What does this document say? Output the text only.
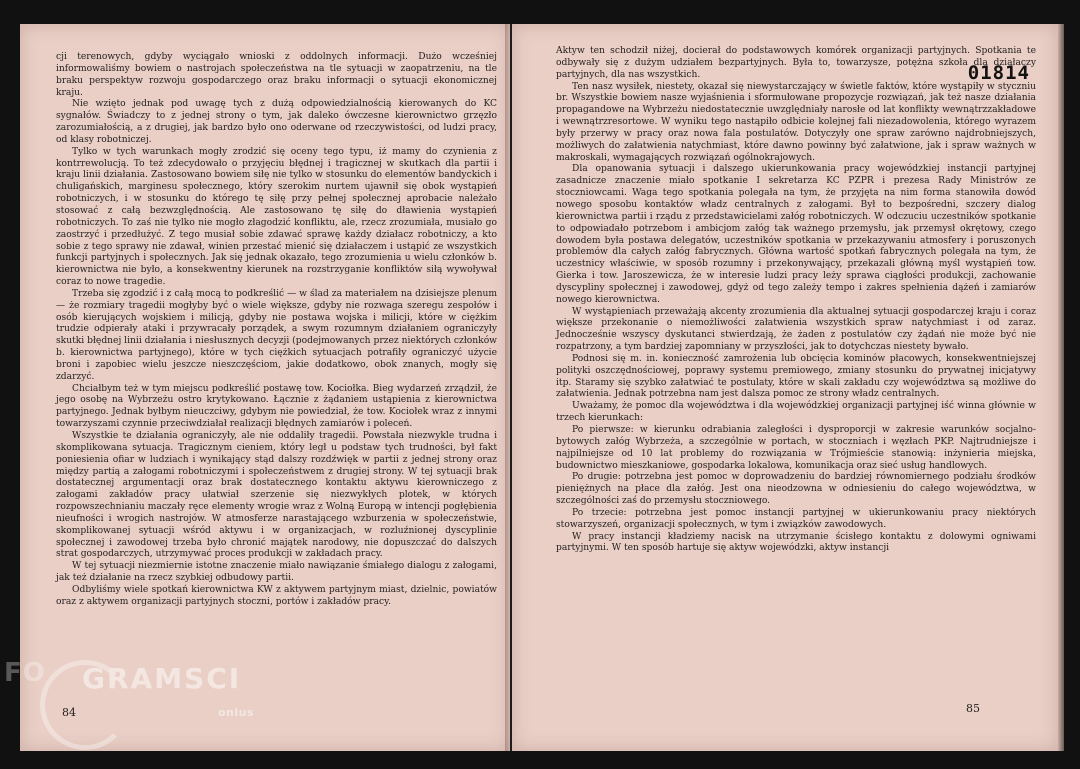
cji terenowych, gdyby wyciągało wnioski z oddolnych informacji. Dużo wcześniej informowaliśmy bowiem o nastrojach społeczeństwa na tle sytuacji w zaopatrzeniu, na tle braku perspektyw rozwoju gospodarczego oraz braku informacji o sytuacji ekonomicznej kraju.

Nie wzięto jednak pod uwagę tych z dużą odpowiedzialnością kierowanych do KC sygnałów. Świadczy to z jednej strony o tym, jak daleko ówczesne kierownictwo grzęzło zarozumiałością, a z drugiej, jak bardzo było ono oderwane od rzeczywistości, od ludzi pracy, od klasy robotniczej.

Tylko w tych warunkach mogły zrodzić się oceny tego typu, iż mamy do czynienia z kontrrewolucją. To też zdecydowało o przyjęciu błędnej i tragicznej w skutkach dla partii i kraju linii działania. Zastosowano bowiem siłę nie tylko w stosunku do elementów bandyckich i chuligańskich, marginesu społecznego, który szerokim nurtem ujawnił się obok wystąpień robotniczych, i w stosunku do którego tę siłę przy pełnej społecznej aprobacie należało stosować z całą bezwzględnością. Ale zastosowano tę siłę do dławienia wystąpień robotniczych. To zaś nie tylko nie mogło złagodzić konfliktu, ale, rzecz zrozumiała, musiało go zaostrzyć i przedłużyć. Z tego musiał sobie zdawać sprawę każdy działacz robotniczy, a kto sobie z tego sprawy nie zdawał, winien przestać mienić się działaczem i ustąpić ze wszystkich funkcji partyjnych i społecznych. Jak się jednak okazało, tego zrozumienia u wielu członków b. kierownictwa nie było, a konsekwentny kierunek na rozstrzyganie konfliktów siłą wywoływał coraz to nowe tragedie.

Trzeba się zgodzić i z całą mocą to podkreślić — w ślad za materiałem na dzisiejsze plenum — że rozmiary tragedii mogłyby być o wiele większe, gdyby nie rozwaga szeregu zespołów i osób kierujących wojskiem i milicją, gdyby nie postawa wojska i milicji, które w ciężkim trudzie odpierały ataki i przywracały porządek, a swym rozumnym działaniem ograniczyły skutki błędnej linii działania i niesłusznych decyzji (podejmowanych przez niektórych członków b. kierownictwa partyjnego), które w tych ciężkich sytuacjach potrafiły ograniczyć użycie broni i zapobiec wielu jeszcze nieszczęściom, jakie dodatkowo, obok znanych, mogły się zdarzyć.

Chciałbym też w tym miejscu podkreślić postawę tow. Kociołka. Bieg wydarzeń zrządził, że jego osobę na Wybrzeżu ostro krytykowano. Łącznie z żądaniem ustąpienia z kierownictwa partyjnego. Jednak byłbym nieuczciwy, gdybym nie powiedział, że tow. Kociołek wraz z innymi towarzyszami czynnie przeciwdziałał realizacji błędnych zamiarów i poleceń.

Wszystkie te działania ograniczyły, ale nie oddaliły tragedii. Powstała niezwykle trudna i skomplikowana sytuacja. Tragicznym cieniem, który legł u podstaw tych trudności, był fakt poniesienia ofiar w ludziach i wynikający stąd dalszy rozdźwięk w partii z jednej strony oraz między partią a załogami robotniczymi i społeczeństwem z drugiej strony. W tej sytuacji brak dostatecznej argumentacji oraz brak dostatecznego kontaktu aktywu kierowniczego z załogami zakładów pracy ułatwiał szerzenie się niezwykłych plotek, w których rozpowszechnianiu maczały ręce elementy wrogie wraz z Wolną Europą w intencji pogłębienia nieufności i wrogich nastrojów. W atmosferze narastającego wzburzenia w społeczeństwie, skomplikowanej sytuacji wśród aktywu i w organizacjach, w rozluźnionej dyscyplinie społecznej i zawodowej trzeba było chronić majątek narodowy, nie dopuszczać do dalszych strat gospodarczych, utrzymywać proces produkcji w zakładach pracy.

W tej sytuacji niezmiernie istotne znaczenie miało nawiązanie śmiałego dialogu z załogami, jak też działanie na rzecz szybkiej odbudowy partii.

Odbyliśmy wiele spotkań kierownictwa KW z aktywem partyjnym miast, dzielnic, powiatów oraz z aktywem organizacji partyjnych stoczni, portów i zakładów pracy.

84
01814

Aktyw ten schodził niżej, docierał do podstawowych komórek organizacji partyjnych. Spotkania te odbywały się z dużym udziałem bezpartyjnych. Była to, towarzysze, potężna szkoła dla działaczy partyjnych, dla nas wszystkich.

Ten nasz wysiłek, niestety, okazał się niewystarczający w świetle faktów, które wystąpiły w styczniu br. Wszystkie bowiem nasze wyjaśnienia i sformułowane propozycje rozwiązań, jak też nasze działania propagandowe na Wybrzeżu niedostatecznie uwzględniały narosłe od lat konflikty wewnątrzzakładowe i wewnątrzresortowe. W wyniku tego nastąpiło odbicie kolejnej fali niezadowolenia, którego wyrazem były przerwy w pracy oraz nowa fala postulatów. Dotyczyły one spraw zarówno najdrobniejszych, możliwych do załatwienia natychmiast, które dawno powinny być załatwione, jak i spraw ważnych w makroskali, wymagających rozwiązań ogólnokrajowych.

Dla opanowania sytuacji i dalszego ukierunkowania pracy wojewódzkiej instancji partyjnej zasadnicze znaczenie miało spotkanie I sekretarza KC PZPR i prezesa Rady Ministrów ze stoczniowcami. Waga tego spotkania polegała na tym, że przyjęta na nim forma stanowiła dowód nowego sposobu kontaktów władz centralnych z załogami. Był to bezpośredni, szczery dialog kierownictwa partii i rządu z przedstawicielami załóg robotniczych. W odczuciu uczestników spotkanie to odpowiadało potrzebom i ambicjom załóg tak ważnego przemysłu, jak przemysł okrętowy, czego dowodem była postawa delegatów, uczestników spotkania w przekazywaniu atmosfery i poruszonych problemów dla całych załóg fabrycznych. Główna wartość spotkań fabrycznych polegała na tym, że uczestnicy właściwie, w sposób rozumny i przekonywający, przekazali główną myśl wystąpień tow. Gierka i tow. Jaroszewicza, że w interesie ludzi pracy leży sprawa ciągłości produkcji, zachowanie dyscypliny społecznej i zawodowej, gdyż od tego zależy tempo i zakres spełnienia dążeń i zamiarów nowego kierownictwa.

W wystąpieniach przeważają akcenty zrozumienia dla aktualnej sytuacji gospodarczej kraju i coraz większe przekonanie o niemożliwości załatwienia wszystkich spraw natychmiast i od zaraz. Jednocześnie wszyscy dyskutanci stwierdzają, że żaden z postulatów czy żądań nie może być nie rozpatrzony, a tym bardziej zapomniany w przyszłości, jak to dotychczas niestety bywało.

Podnosi się m. in. konieczność zamrożenia lub obcięcia kominów płacowych, konsekwentniejszej polityki oszczędnościowej, poprawy systemu premiowego, zmiany stosunku do prywatnej inicjatywy itp. Staramy się szybko załatwiać te postulaty, które w skali zakładu czy województwa są możliwe do załatwienia. Jednak potrzebna nam jest dalsza pomoc ze strony władz centralnych.

Uważamy, że pomoc dla województwa i dla wojewódzkiej organizacji partyjnej iść winna głównie w trzech kierunkach:

Po pierwsze: w kierunku odrabiania zaległości i dysproporcji w zakresie warunków socjalno-bytowych załóg Wybrzeża, a szczególnie w portach, w stoczniach i węzłach PKP. Najtrudniejsze i najpilniejsze od 10 lat problemy do rozwiązania w Trójmieście stanowią: inżynieria miejska, budownictwo mieszkaniowe, gospodarka lokalowa, komunikacja oraz sieć usług handlowych.

Po drugie: potrzebna jest pomoc w doprowadzeniu do bardziej równomiernego podziału środków pieniężnych na płace dla załóg. Jest ona nieodzowna w odniesieniu do całego województwa, w szczególności zaś do przemysłu stoczniowego.

Po trzecie: potrzebna jest pomoc instancji partyjnej w ukierunkowaniu pracy niektórych stowarzyszeń, organizacji społecznych, w tym i związków zawodowych.

W pracy instancji kładziemy nacisk na utrzymanie ścisłego kontaktu z dolowymi ogniwami partyjnymi. W ten sposób hartuje się aktyw wojewódzki, aktyw instancji

85
FO GRAMSCI
onlus
